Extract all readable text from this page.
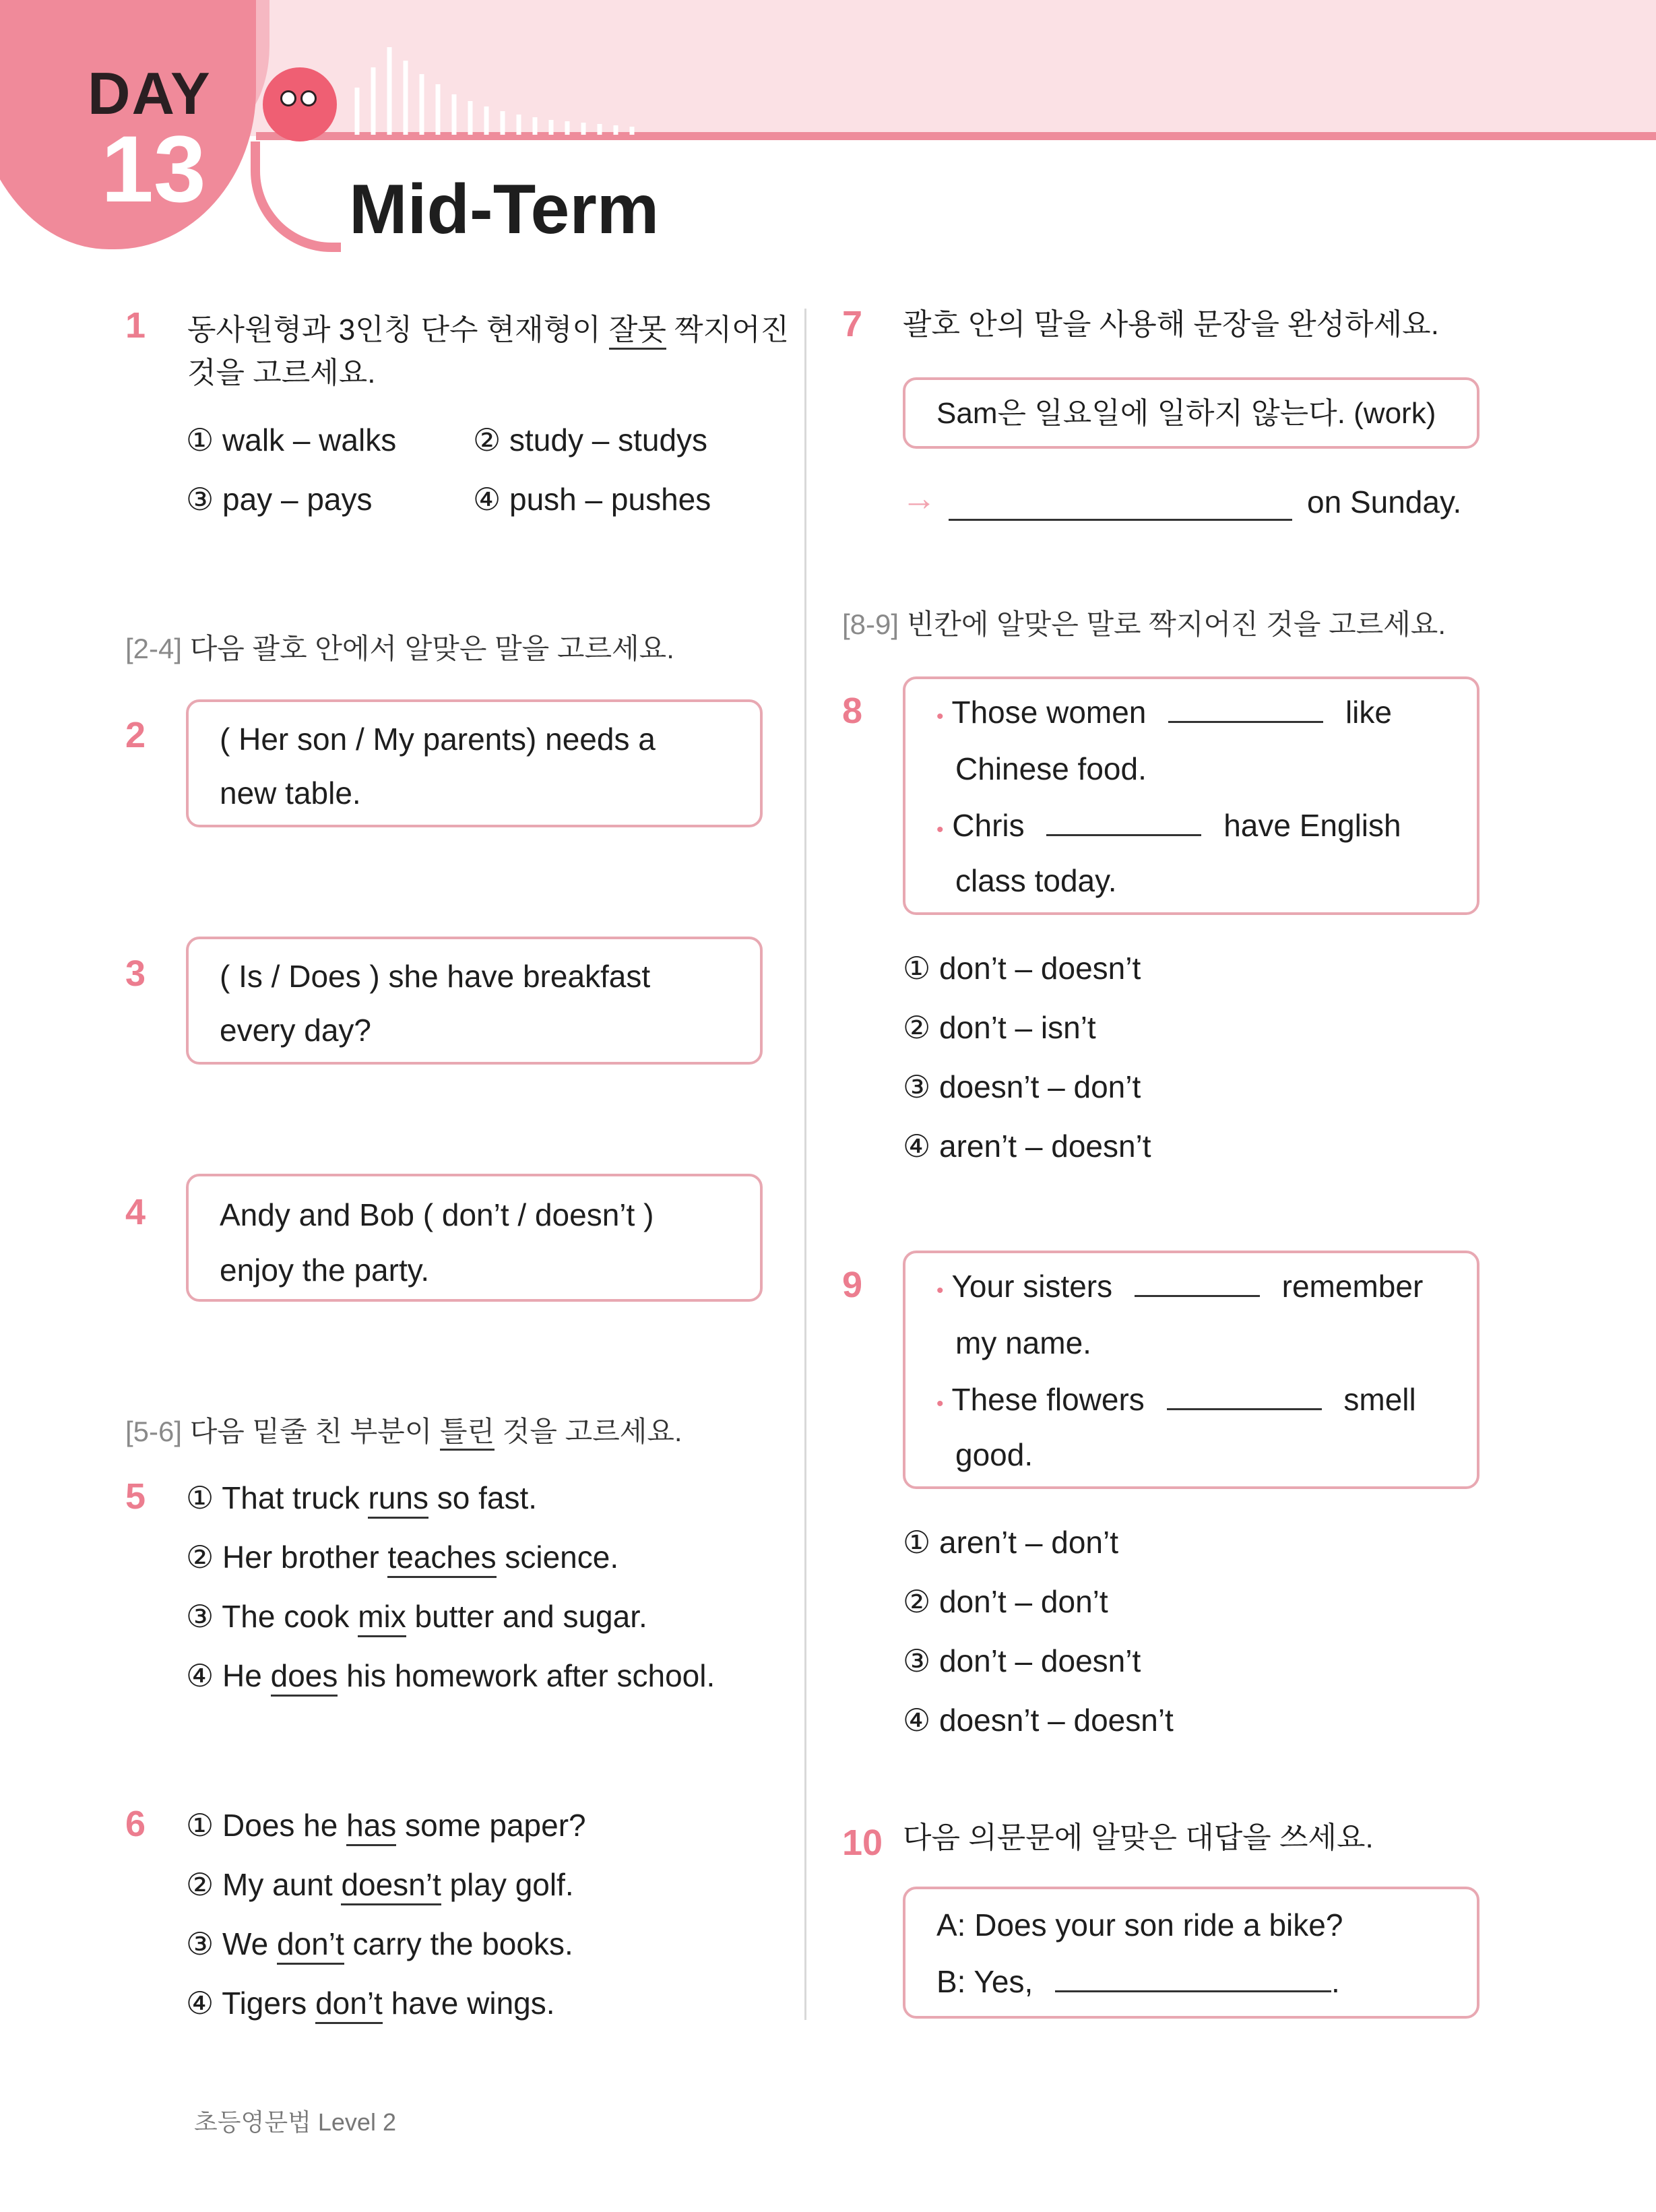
DAY
13 Mid-Term
1 동사원형과 3인칭 단수 현재형이 잘못 짝지어진
것을 고르세요.
① walk – walks ② study – studys
③ pay – pays	④ push – pushes
[2-4] 다음 괄호 안에서 알맞은 말을 고르세요.
2 ( Her son / My parents) needs a
new table.
3 ( Is / Does ) she have breakfast
every day?
4 Andy and Bob ( don’t / doesn’t )
enjoy the party.
[5-6] 다음 밑줄 친 부분이 틀린 것을 고르세요.
5 ① That truck runs so fast.
② Her brother teaches science.
③ The cook mix butter and sugar.
④ He does his homework after school.
6 ① Does he has some paper?
② My aunt doesn’t play golf.
③ We don’t carry the books.
④ Tigers don’t have wings.
7 괄호 안의 말을 사용해 문장을 완성하세요.
Sam은 일요일에 일하지 않는다. (work)
→	on Sunday.
[8-9] 빈칸에 알맞은 말로 짝지어진 것을 고르세요.
8	• Those women	like
Chinese food.
• Chris	have English
class today.
① don’t – doesn’t
② don’t – isn’t
③ doesn’t – don’t
④ aren’t – doesn’t
9	• Your sisters	remember
my name.
• These flowers	smell
good.
① aren’t – don’t
② don’t – don’t
③ don’t – doesn’t
④ doesn’t – doesn’t
10 다음 의문문에 알맞은 대답을 쓰세요.
A: Does your son ride a bike?
B: Yes,	.
초등영문법 Level 2
